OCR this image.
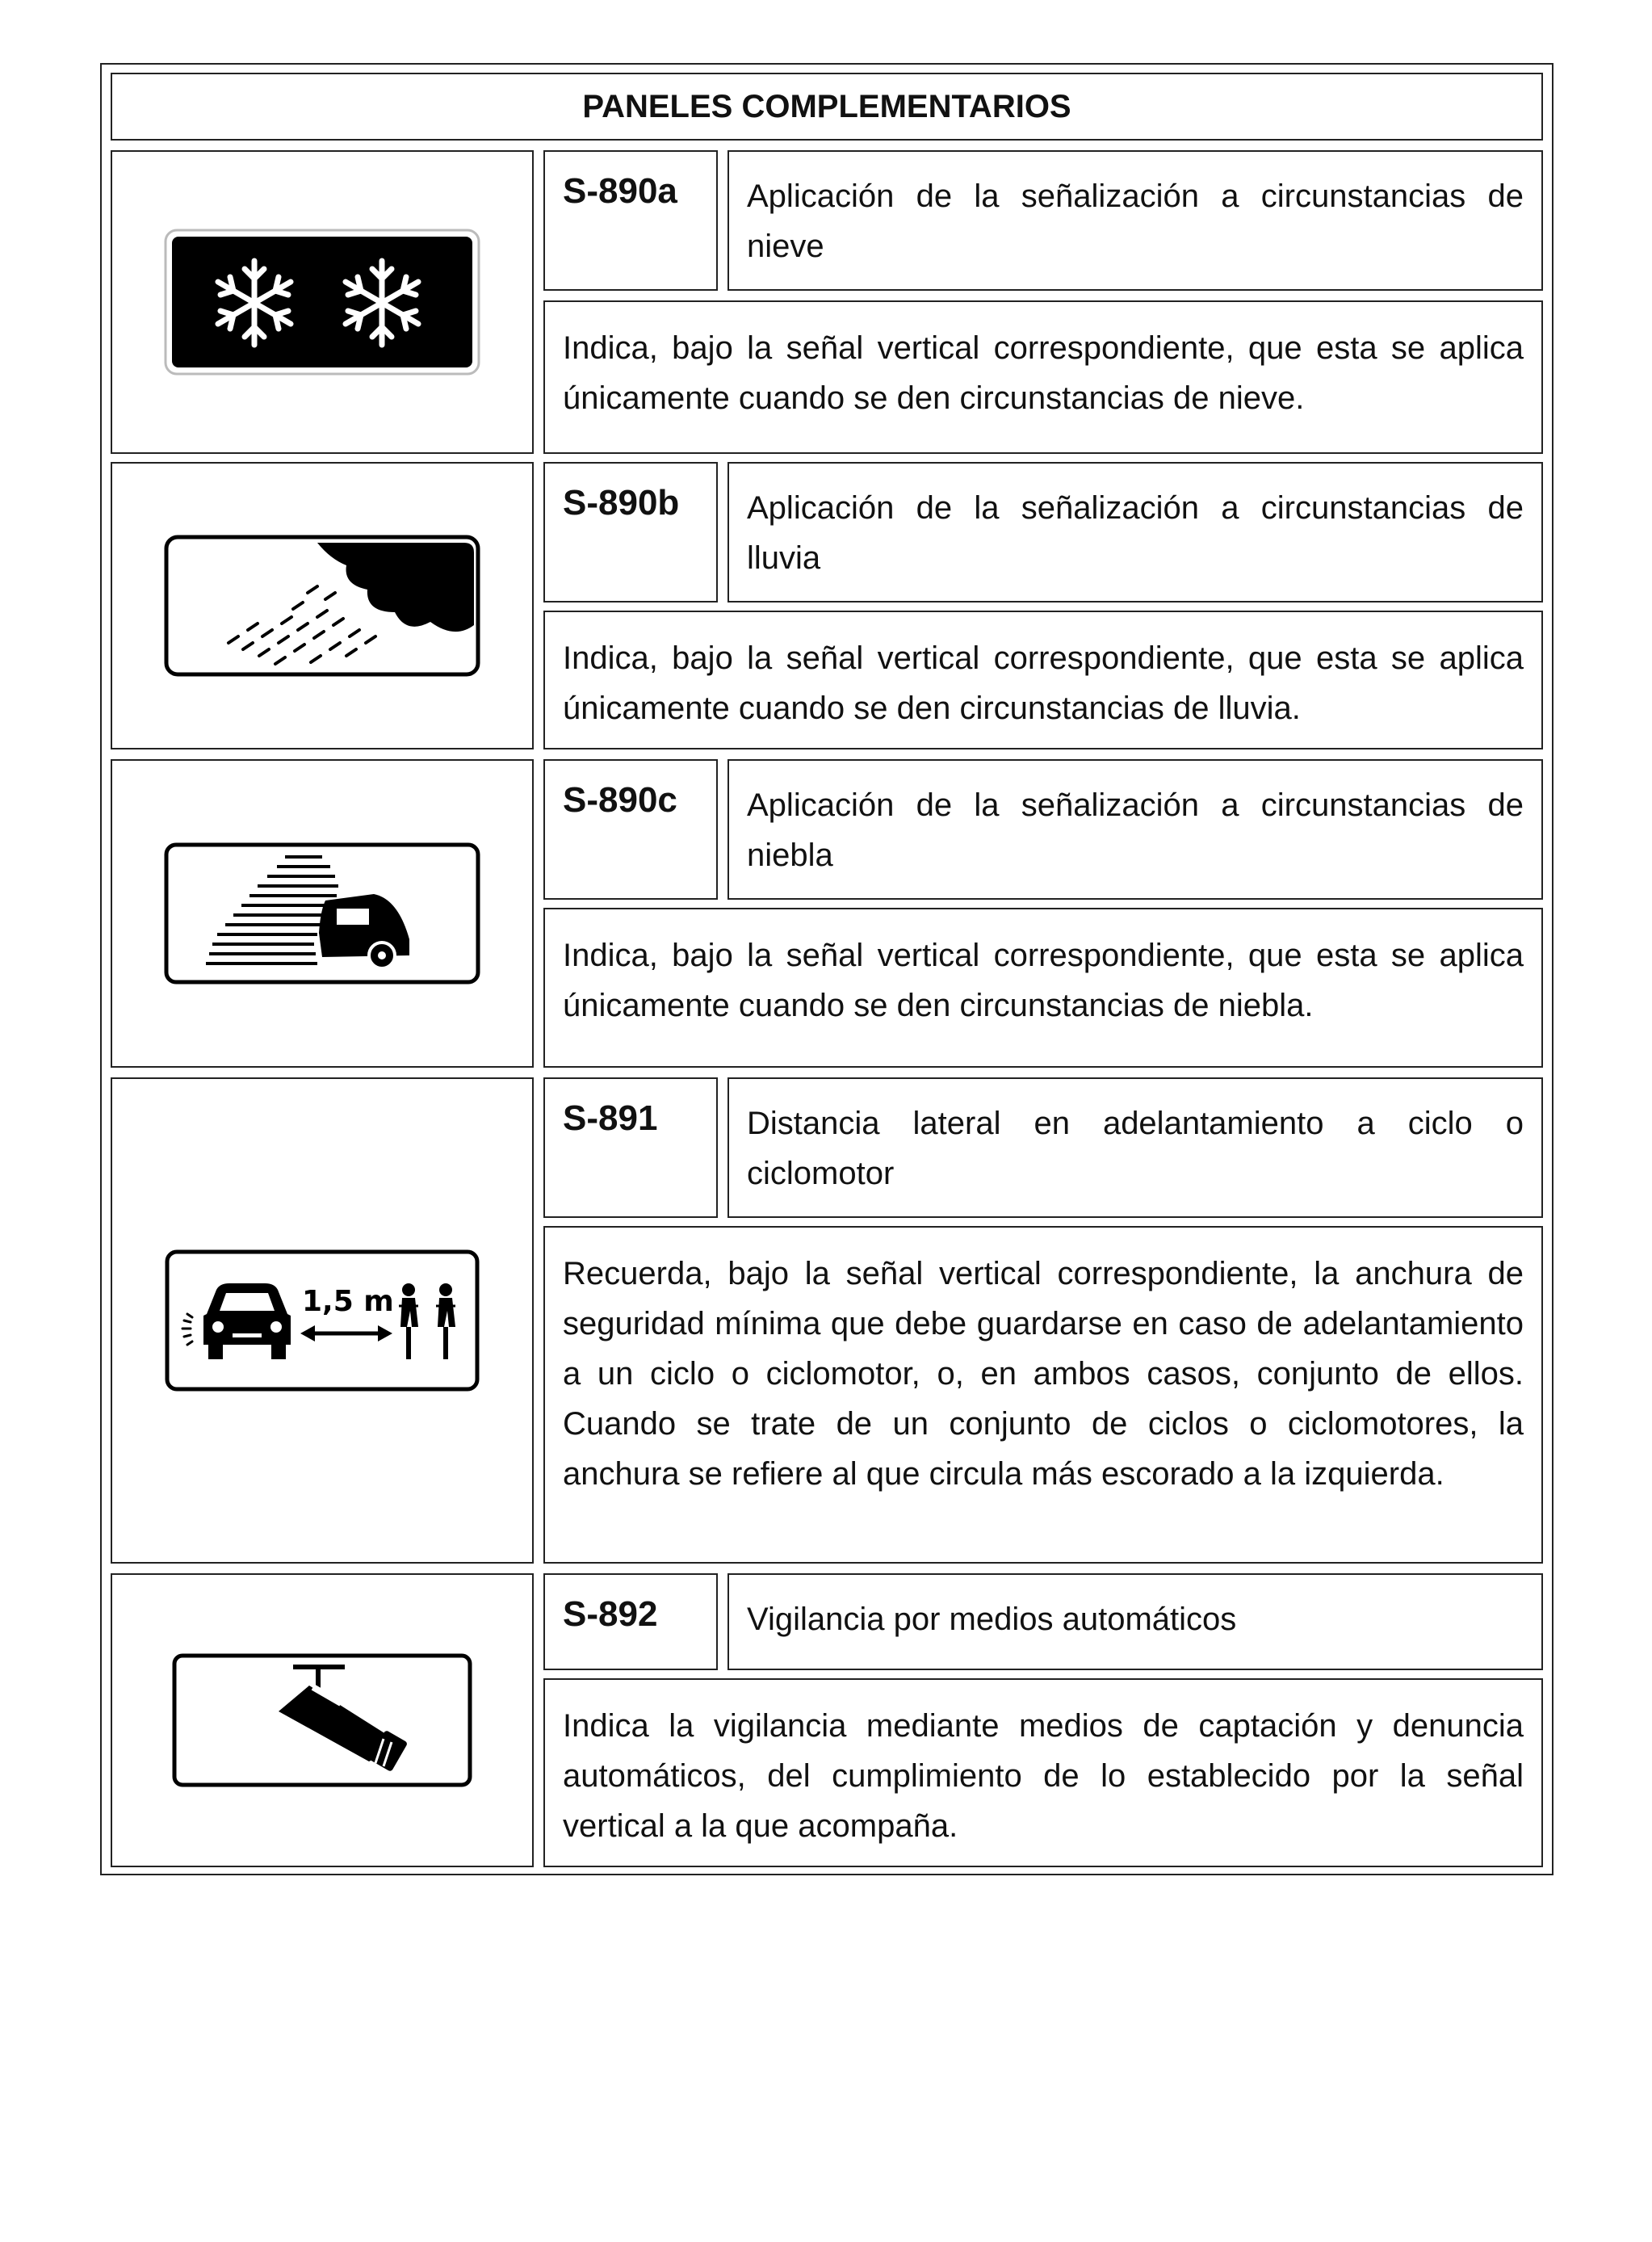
PANELES COMPLEMENTARIOS
S-890a	Aplicación de la señalización a circunstancias de nieve
Indica, bajo la señal vertical correspondiente, que esta se aplica únicamente cuando se den circunstancias de nieve.
S-890b	Aplicación de la señalización a circunstancias de lluvia
Indica, bajo la señal vertical correspondiente, que esta se aplica únicamente cuando se den circunstancias de lluvia.
S-890c	Aplicación de la señalización a circunstancias de niebla
Indica, bajo la señal vertical correspondiente, que esta se aplica únicamente cuando se den circunstancias de niebla.
1,5 m
S-891	Distancia lateral en adelantamiento a ciclo o ciclomotor
Recuerda, bajo la señal vertical correspondiente, la anchura de seguridad mínima que debe guardarse en caso de adelantamiento a un ciclo o ciclomotor, o, en ambos casos, conjunto de ellos. Cuando se trate de un conjunto de ciclos o ciclomotores, la anchura se refiere al que circula más escorado a la izquierda.
S-892	Vigilancia por medios automáticos
Indica la vigilancia mediante medios de captación y denuncia automáticos, del cumplimiento de lo establecido por la señal vertical a la que acompaña.
